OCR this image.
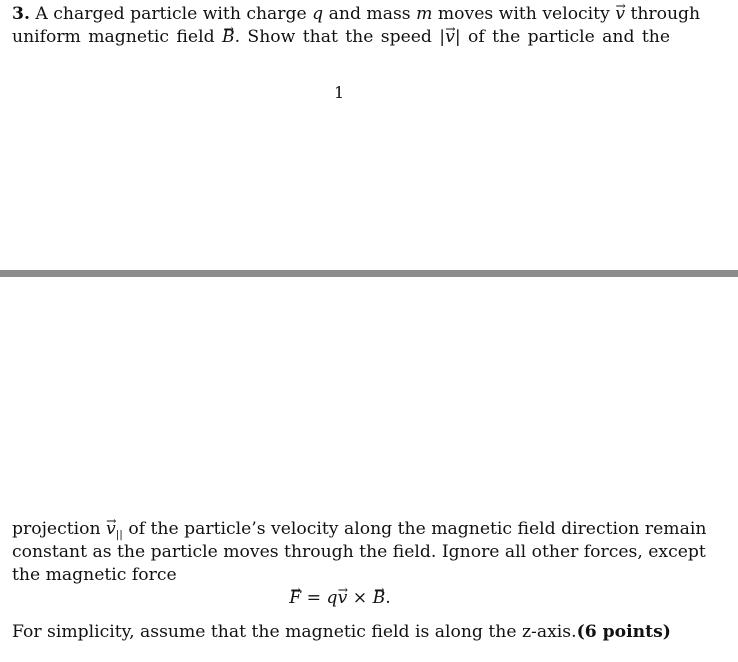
3. A charged particle with charge q and mass m moves with velocity → v through
uniform magnetic field → B. Show that the speed |→ v| of the particle and the
1
projection → $v_{||}$ of the particle’s velocity along the magnetic field direction remain
constant as the particle moves through the field. Ignore all other forces, except
the magnetic force
→ F = q→ v × → B.
For simplicity, assume that the magnetic field is along the z-axis.(6 points)
